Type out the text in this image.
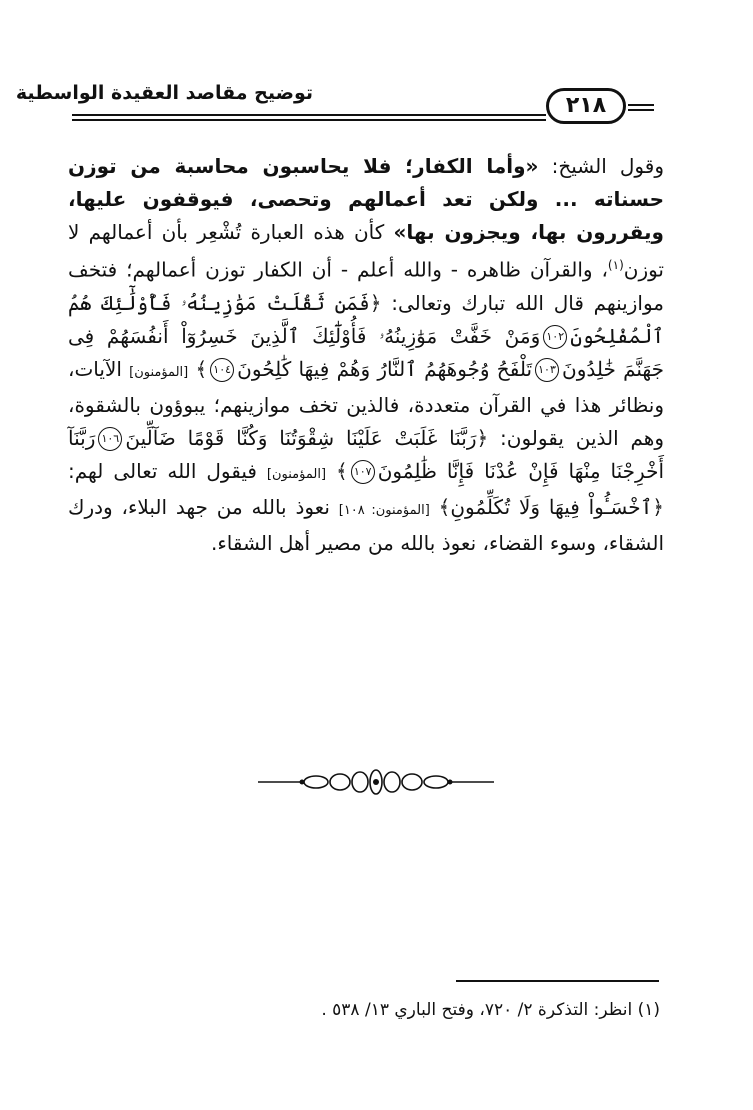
توضيح مقاصد العقيدة الواسطية	٢١٨
وقول الشيخ: «وأما الكفار؛ فلا يحاسبون محاسبة من توزن حسناته ... ولكن تعد أعمالهم وتحصى، فيوقفون عليها، ويقررون بها، ويجزون بها» كأن هذه العبارة تُشْعِر بأن أعمالهم لا توزن$^{(١)}$، والقرآن ظاهره - والله أعلم - أن الكفار توزن أعمالهم؛ فتخف موازينهم قال الله تبارك وتعالى: ﴿فَمَن ثَقُلَتْ مَوَٰزِينُهُۥ فَأُوْلَٰٓئِكَ هُمُ ٱلْمُفْلِحُونَ١٠٢وَمَنْ خَفَّتْ مَوَٰزِينُهُۥ فَأُوْلَٰٓئِكَ ٱلَّذِينَ خَسِرُوٓاْ أَنفُسَهُمْ فِى جَهَنَّمَ خَٰلِدُونَ١٠٣تَلْفَحُ وُجُوهَهُمُ ٱلنَّارُ وَهُمْ فِيهَا كَٰلِحُونَ١٠٤﴾ [المؤمنون] الآيات، ونظائر هذا في القرآن متعددة، فالذين تخف موازينهم؛ يبوؤون بالشقوة، وهم الذين يقولون: ﴿رَبَّنَا غَلَبَتْ عَلَيْنَا شِقْوَتُنَا وَكُنَّا قَوْمًا ضَآلِّينَ١٠٦رَبَّنَآ أَخْرِجْنَا مِنْهَا فَإِنْ عُدْنَا فَإِنَّا ظَٰلِمُونَ١٠٧﴾ [المؤمنون] فيقول الله تعالى لهم: ﴿ٱخْسَـُٔواْ فِيهَا وَلَا تُكَلِّمُونِ﴾ [المؤمنون: ١٠٨] نعوذ بالله من جهد البلاء، ودرك الشقاء، وسوء القضاء، نعوذ بالله من مصير أهل الشقاء.
(١) انظر: التذكرة ٢/ ٧٢٠، وفتح الباري ١٣/ ٥٣٨ .
